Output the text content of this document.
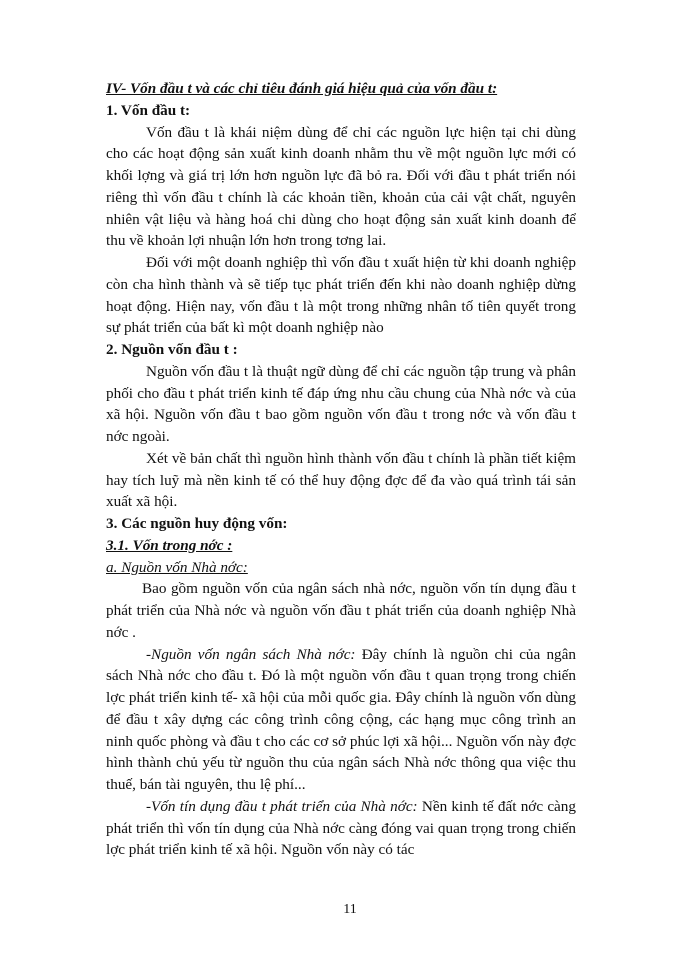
IV- Vốn đầu t và các chỉ tiêu đánh giá hiệu quả của vốn đầu t:

1. Vốn đầu t:

Vốn đầu t là khái niệm dùng để chỉ các nguồn lực hiện tại chi dùng cho các hoạt động sản xuất kinh doanh nhằm thu về một nguồn lực mới có khối lợng và giá trị lớn hơn nguồn lực đã bỏ ra. Đối với đầu t phát triển nói riêng thì vốn đầu t chính là các khoản tiền, khoản của cải vật chất, nguyên nhiên vật liệu và hàng hoá chi dùng cho hoạt động sản xuất kinh doanh để thu về khoản lợi nhuận lớn hơn trong tơng lai.

Đối với một doanh nghiệp thì vốn đầu t xuất hiện từ khi doanh nghiệp còn cha hình thành và sẽ tiếp tục phát triển đến khi nào doanh nghiệp dừng hoạt động. Hiện nay, vốn đầu t là một trong những nhân tố tiên quyết trong sự phát triển của bất kì một doanh nghiệp nào

2. Nguồn vốn đầu t :

Nguồn vốn đầu t là thuật ngữ dùng để chỉ các nguồn tập trung và phân phối cho đầu t phát triển kinh tế đáp ứng nhu cầu chung của Nhà nớc và của xã hội. Nguồn vốn đầu t bao gồm nguồn vốn đầu t trong nớc và vốn đầu t nớc ngoài.

Xét về bản chất thì nguồn hình thành vốn đầu t chính là phần tiết kiệm hay tích luỹ mà nền kinh tế có thể huy động đợc để đa vào quá trình tái sản xuất xã hội.

3. Các nguồn huy động vốn:

3.1. Vốn trong nớc :

a. Nguồn vốn Nhà nớc:

Bao gồm nguồn vốn của ngân sách nhà nớc, nguồn vốn tín dụng đầu t phát triển của Nhà nớc và nguồn vốn đầu t phát triển của doanh nghiệp Nhà nớc .

-Nguồn vốn ngân sách Nhà nớc: Đây chính là nguồn chi của ngân sách Nhà nớc cho đầu t. Đó là một nguồn vốn đầu t quan trọng trong chiến lợc phát triển kinh tế- xã hội của mỗi quốc gia. Đây chính là nguồn vốn dùng để đầu t xây dựng các công trình công cộng, các hạng mục công trình an ninh quốc phòng và đầu t cho các cơ sở phúc lợi xã hội... Nguồn vốn này đợc hình thành chủ yếu từ nguồn thu của ngân sách Nhà nớc thông qua việc thu thuế, bán tài nguyên, thu lệ phí...

-Vốn tín dụng đầu t phát triển của Nhà nớc: Nền kinh tế đất nớc càng phát triển thì vốn tín dụng của Nhà nớc càng đóng vai quan trọng trong chiến lợc phát triển kinh tế xã hội. Nguồn vốn này có tác

11
